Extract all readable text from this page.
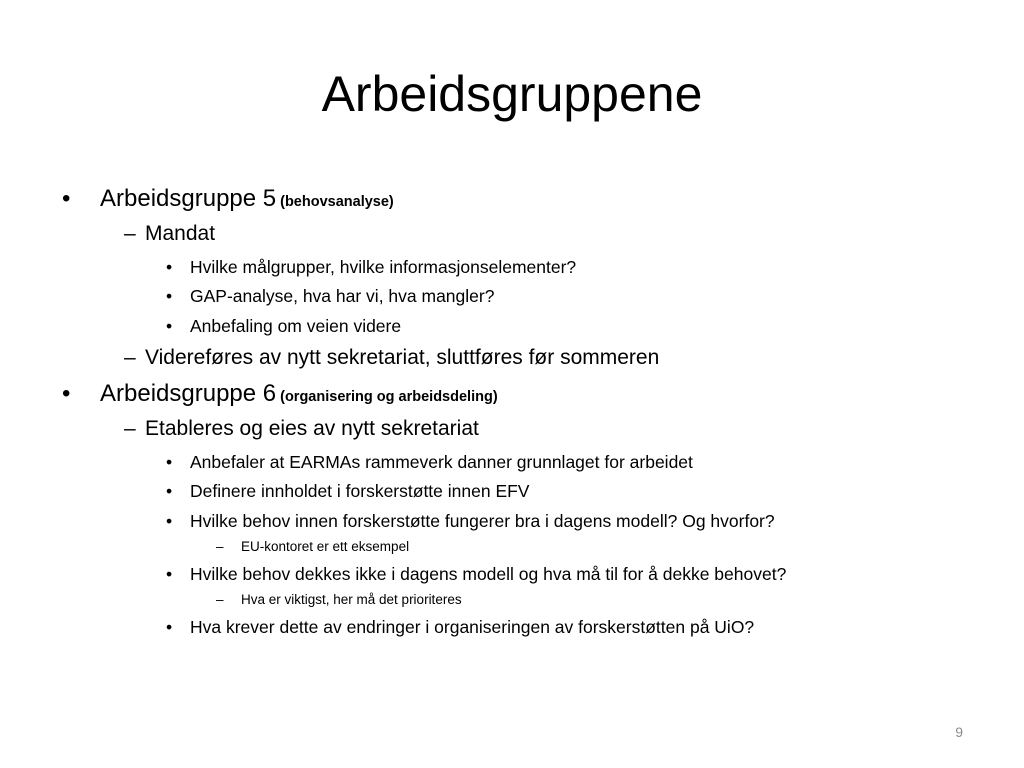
Arbeidsgruppene
• Arbeidsgruppe 5 (behovsanalyse)
– Mandat
• Hvilke målgrupper, hvilke informasjonselementer?
• GAP-analyse, hva har vi, hva mangler?
• Anbefaling om veien videre
– Videreføres av nytt sekretariat, sluttføres før sommeren
• Arbeidsgruppe 6 (organisering og arbeidsdeling)
– Etableres og eies av nytt sekretariat
• Anbefaler at EARMAs rammeverk danner grunnlaget for arbeidet
• Definere innholdet i forskerstøtte innen EFV
• Hvilke behov innen forskerstøtte fungerer bra i dagens modell? Og hvorfor?
– EU-kontoret er ett eksempel
• Hvilke behov dekkes ikke i dagens modell og hva må til for å dekke behovet?
– Hva er viktigst, her må det prioriteres
• Hva krever dette av endringer i organiseringen av forskerstøtten på UiO?
9
